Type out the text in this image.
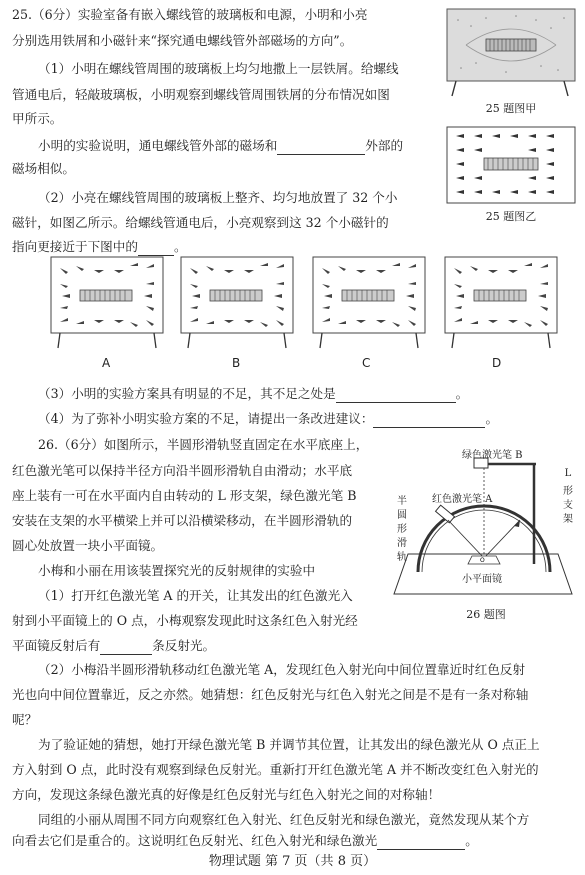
25.（6分）实验室备有嵌入螺线管的玻璃板和电源，小明和小亮
分别选用铁屑和小磁针来“探究通电螺线管外部磁场的方向”。
（1）小明在螺线管周围的玻璃板上均匀地撒上一层铁屑。给螺线
管通电后，轻敲玻璃板，小明观察到螺线管周围铁屑的分布情况如图
甲所示。
小明的实验说明，通电螺线管外部的磁场和	外部的
磁场相似。
（2）小亮在螺线管周围的玻璃板上整齐、均匀地放置了 32 个小
磁针，如图乙所示。给螺线管通电后，小亮观察到这 32 个小磁针的
指向更接近于下图中的	。
25 题图甲
25 题图乙
A	B	C	D
（3）小明的实验方案具有明显的不足，其不足之处是	。
（4）为了弥补小明实验方案的不足，请提出一条改进建议：	。
26.（6分）如图所示，半圆形滑轨竖直固定在水平底座上，
红色激光笔可以保持半径方向沿半圆形滑轨自由滑动；水平底
座上装有一可在水平面内自由转动的 L 形支架，绿色激光笔 B
安装在支架的水平横梁上并可以沿横梁移动，在半圆形滑轨的
圆心处放置一块小平面镜。
小梅和小丽在用该装置探究光的反射规律的实验中
（1）打开红色激光笔 A 的开关，让其发出的红色激光入
射到小平面镜上的 O 点，小梅观察发现此时这条红色入射光经
平面镜反射后有	条反射光。
O
绿色激光笔 B
L
形
支
架
半
圆
形
滑
轨
红色激光笔 A
小平面镜
26 题图
（2）小梅沿半圆形滑轨移动红色激光笔 A，发现红色入射光向中间位置靠近时红色反射
光也向中间位置靠近，反之亦然。她猜想：红色反射光与红色入射光之间是不是有一条对称轴
呢？
为了验证她的猜想，她打开绿色激光笔 B 并调节其位置，让其发出的绿色激光从 O 点正上
方入射到 O 点，此时没有观察到绿色反射光。重新打开红色激光笔 A 并不断改变红色入射光的
方向，发现这条绿色激光真的好像是红色反射光与红色入射光之间的对称轴！
同组的小丽从周围不同方向观察红色入射光、红色反射光和绿色激光，竟然发现从某个方
向看去它们是重合的。这说明红色反射光、红色入射光和绿色激光	。
物理试题 第 7 页（共 8 页）
